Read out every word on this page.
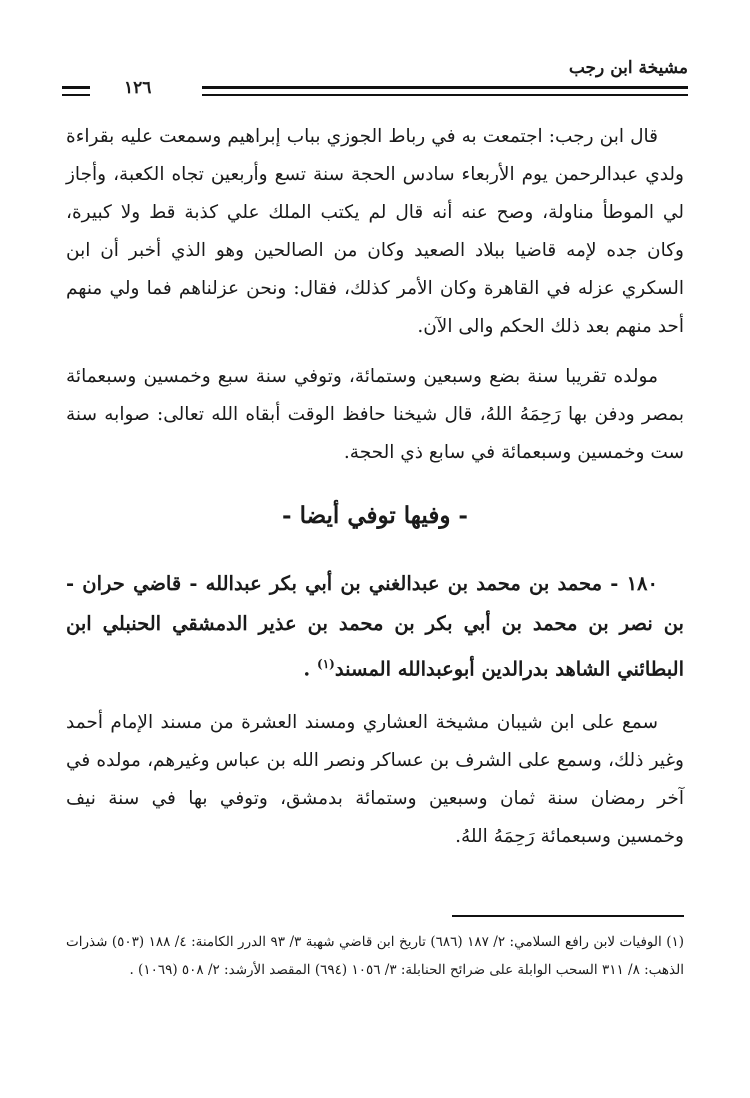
مشيخة ابن رجب
١٢٦

قال ابن رجب: اجتمعت به في رباط الجوزي بباب إبراهيم وسمعت عليه بقراءة ولدي عبدالرحمن يوم الأربعاء سادس الحجة سنة تسع وأربعين تجاه الكعبة، وأجاز لي الموطأ مناولة، وصح عنه أنه قال لم يكتب الملك علي كذبة قط ولا كبيرة، وكان جده لإمه قاضيا ببلاد الصعيد وكان من الصالحين وهو الذي أخبر أن ابن السكري عزله في القاهرة وكان الأمر كذلك، فقال: ونحن عزلناهم فما ولي منهم أحد منهم بعد ذلك الحكم والى الآن.

مولده تقريبا سنة بضع وسبعين وستمائة، وتوفي سنة سبع وخمسين وسبعمائة بمصر ودفن بها رَحِمَهُ اللهُ، قال شيخنا حافظ الوقت أبقاه الله تعالى: صوابه سنة ست وخمسين وسبعمائة في سابع ذي الحجة.

- وفيها توفي أيضا -

١٨٠ - محمد بن محمد بن عبدالغني بن أبي بكر عبدالله - قاضي حران - بن نصر بن محمد بن أبي بكر بن محمد بن عذير الدمشقي الحنبلي ابن البطائني الشاهد بدرالدين أبوعبدالله المسند$^{(١)}$ .

سمع على ابن شيبان مشيخة العشاري ومسند العشرة من مسند الإمام أحمد وغير ذلك، وسمع على الشرف بن عساكر ونصر الله بن عباس وغيرهم، مولده في آخر رمضان سنة ثمان وسبعين وستمائة بدمشق، وتوفي بها في سنة نيف وخمسين وسبعمائة رَحِمَهُ اللهُ.

(١) الوفيات لابن رافع السلامي: ٢/ ١٨٧ (٦٨٦) تاريخ ابن قاضي شهبة ٣/ ٩٣ الدرر الكامنة: ٤/ ١٨٨ (٥٠٣) شذرات الذهب: ٨/ ٣١١ السحب الوابلة على ضرائح الحنابلة: ٣/ ١٠٥٦ (٦٩٤) المقصد الأرشد: ٢/ ٥٠٨ (١٠٦٩) .
